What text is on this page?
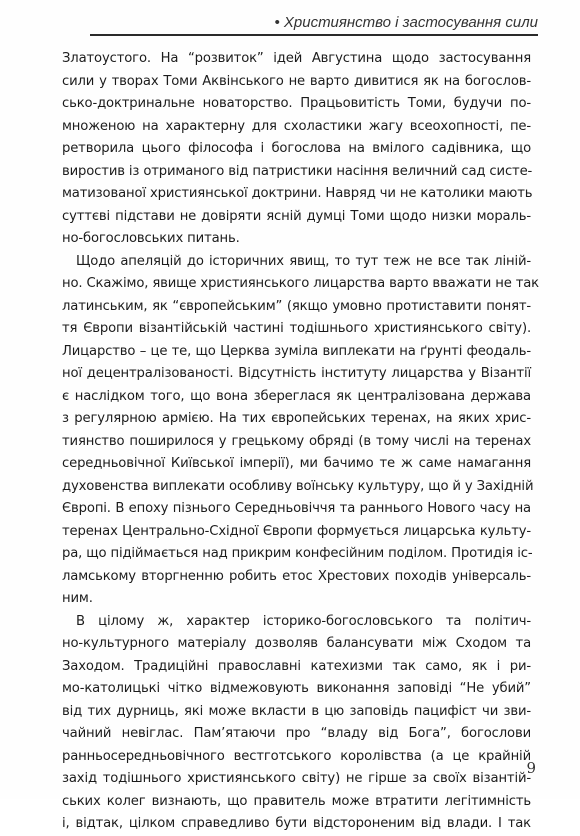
• Християнство і застосування сили
Златоустого. На “розвиток” ідей Августина щодо застосування
сили у творах Томи Аквінського не варто дивитися як на богослов-
сько-доктринальне новаторство. Працьовитість Томи, будучи по-
множеною на характерну для схоластики жагу всеохопності, пе-
ретворила цього філософа і богослова на вмілого садівника, що
виростив із отриманого від патристики насіння величний сад систе-
матизованої християнської доктрини. Навряд чи не католики мають
суттєві підстави не довіряти ясній думці Томи щодо низки мораль-
но-богословських питань.
Щодо апеляцій до історичних явищ, то тут теж не все так ліній-
но. Скажімо, явище християнського лицарства варто вважати не так
латинським, як “європейським” (якщо умовно протиставити понят-
тя Європи візантійській частині тодішнього християнського світу).
Лицарство – це те, що Церква зуміла виплекати на ґрунті феодаль-
ної децентралізованості. Відсутність інституту лицарства у Візантії
є наслідком того, що вона збереглася як централізована держава
з регулярною армією. На тих європейських теренах, на яких хрис-
тиянство поширилося у грецькому обряді (в тому числі на теренах
середньовічної Київської імперії), ми бачимо те ж саме намагання
духовенства виплекати особливу воїнську культуру, що й у Західній
Європі. В епоху пізнього Середньовіччя та раннього Нового часу на
теренах Центрально-Східної Європи формується лицарська культу-
ра, що підіймається над прикрим конфесійним поділом. Протидія іс-
ламському вторгненню робить етос Хрестових походів універсаль-
ним.
В цілому ж, характер історико-богословського та політич-
но-культурного матеріалу дозволяв балансувати між Сходом та
Заходом. Традиційні православні катехизми так само, як і ри-
мо-католицькі чітко відмежовують виконання заповіді “Не убий”
від тих дурниць, які може вкласти в цю заповідь пацифіст чи зви-
чайний невіглас. Пам’ятаючи про “владу від Бога”, богослови
ранньосередньовічного вестготського королівства (а це крайній
захід тодішнього християнського світу) не гірше за своїх візантій-
ських колег визнають, що правитель може втратити легітимність
і, відтак, цілком справедливо бути відстороненим від влади. І так
9
